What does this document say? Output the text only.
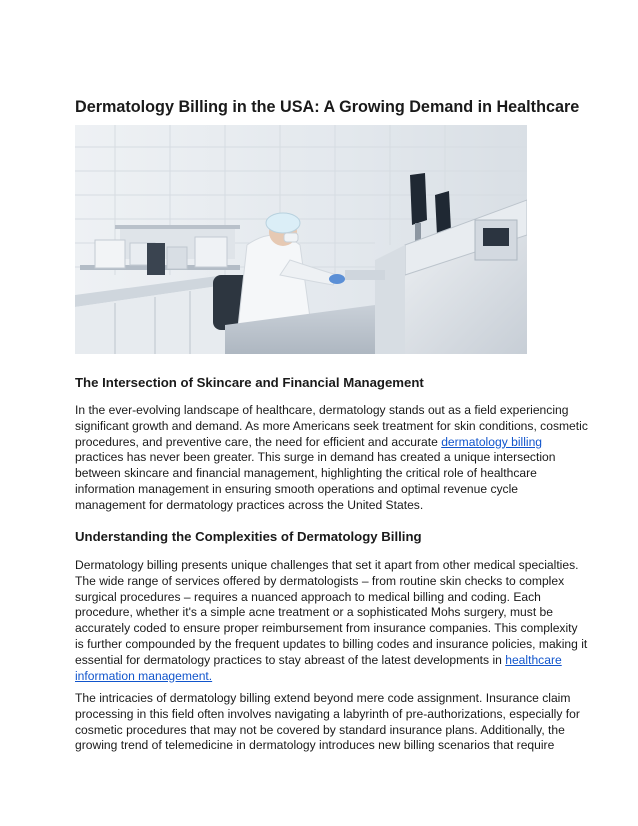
Dermatology Billing in the USA: A Growing Demand in Healthcare
The Intersection of Skincare and Financial Management

In the ever-evolving landscape of healthcare, dermatology stands out as a field experiencing
significant growth and demand. As more Americans seek treatment for skin conditions, cosmetic
procedures, and preventive care, the need for efficient and accurate dermatology billing
practices has never been greater. This surge in demand has created a unique intersection
between skincare and financial management, highlighting the critical role of healthcare
information management in ensuring smooth operations and optimal revenue cycle
management for dermatology practices across the United States.

Understanding the Complexities of Dermatology Billing

Dermatology billing presents unique challenges that set it apart from other medical specialties.
The wide range of services offered by dermatologists – from routine skin checks to complex
surgical procedures – requires a nuanced approach to medical billing and coding. Each
procedure, whether it's a simple acne treatment or a sophisticated Mohs surgery, must be
accurately coded to ensure proper reimbursement from insurance companies. This complexity
is further compounded by the frequent updates to billing codes and insurance policies, making it
essential for dermatology practices to stay abreast of the latest developments in healthcare
information management.

The intricacies of dermatology billing extend beyond mere code assignment. Insurance claim
processing in this field often involves navigating a labyrinth of pre-authorizations, especially for
cosmetic procedures that may not be covered by standard insurance plans. Additionally, the
growing trend of telemedicine in dermatology introduces new billing scenarios that require
